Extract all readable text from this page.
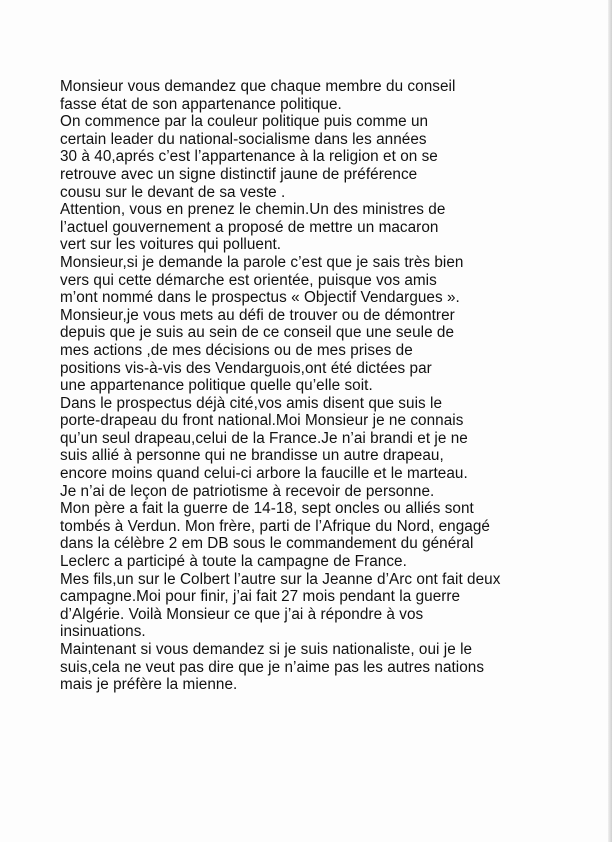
Monsieur vous demandez que chaque membre du conseil
fasse état de son appartenance politique.
On commence par la couleur politique puis comme un
certain leader du national-socialisme dans les années
30 à 40,aprés c’est l’appartenance à la religion et on se
retrouve avec un signe distinctif jaune de préférence
cousu sur le devant de sa veste .
Attention, vous en prenez le chemin.Un des ministres de
l’actuel gouvernement a proposé de mettre un macaron
vert sur les voitures qui polluent.
Monsieur,si je demande la parole c’est que je sais très bien
vers qui cette démarche est orientée, puisque vos amis
m’ont nommé dans le prospectus « Objectif Vendargues ».
Monsieur,je vous mets au défi de trouver ou de démontrer
depuis que je suis au sein de ce conseil que une seule de
mes actions ,de mes décisions ou de mes prises de
positions vis-à-vis des Vendarguois,ont été dictées par
une appartenance politique quelle qu’elle soit.
Dans le prospectus déjà cité,vos amis disent que suis le
porte-drapeau du front national.Moi Monsieur je ne connais
qu’un seul drapeau,celui de la France.Je n’ai brandi et je ne
suis allié à personne qui ne brandisse un autre drapeau,
encore moins quand celui-ci arbore la faucille et le marteau.
Je n’ai de leçon de patriotisme à recevoir de personne.
Mon père a fait la guerre de 14-18, sept oncles ou alliés sont
tombés à Verdun. Mon frère, parti de l’Afrique du Nord, engagé
dans la célèbre 2 em DB sous le commandement du général
Leclerc a participé à toute la campagne de France.
Mes fils,un sur le Colbert l’autre sur la Jeanne d’Arc ont fait deux
campagne.Moi pour finir, j’ai fait 27 mois pendant la guerre
d’Algérie. Voilà Monsieur ce que j’ai à répondre à vos
insinuations.
Maintenant si vous demandez si je suis nationaliste, oui je le
suis,cela ne veut pas dire que je n’aime pas les autres nations
mais je préfère la mienne.
